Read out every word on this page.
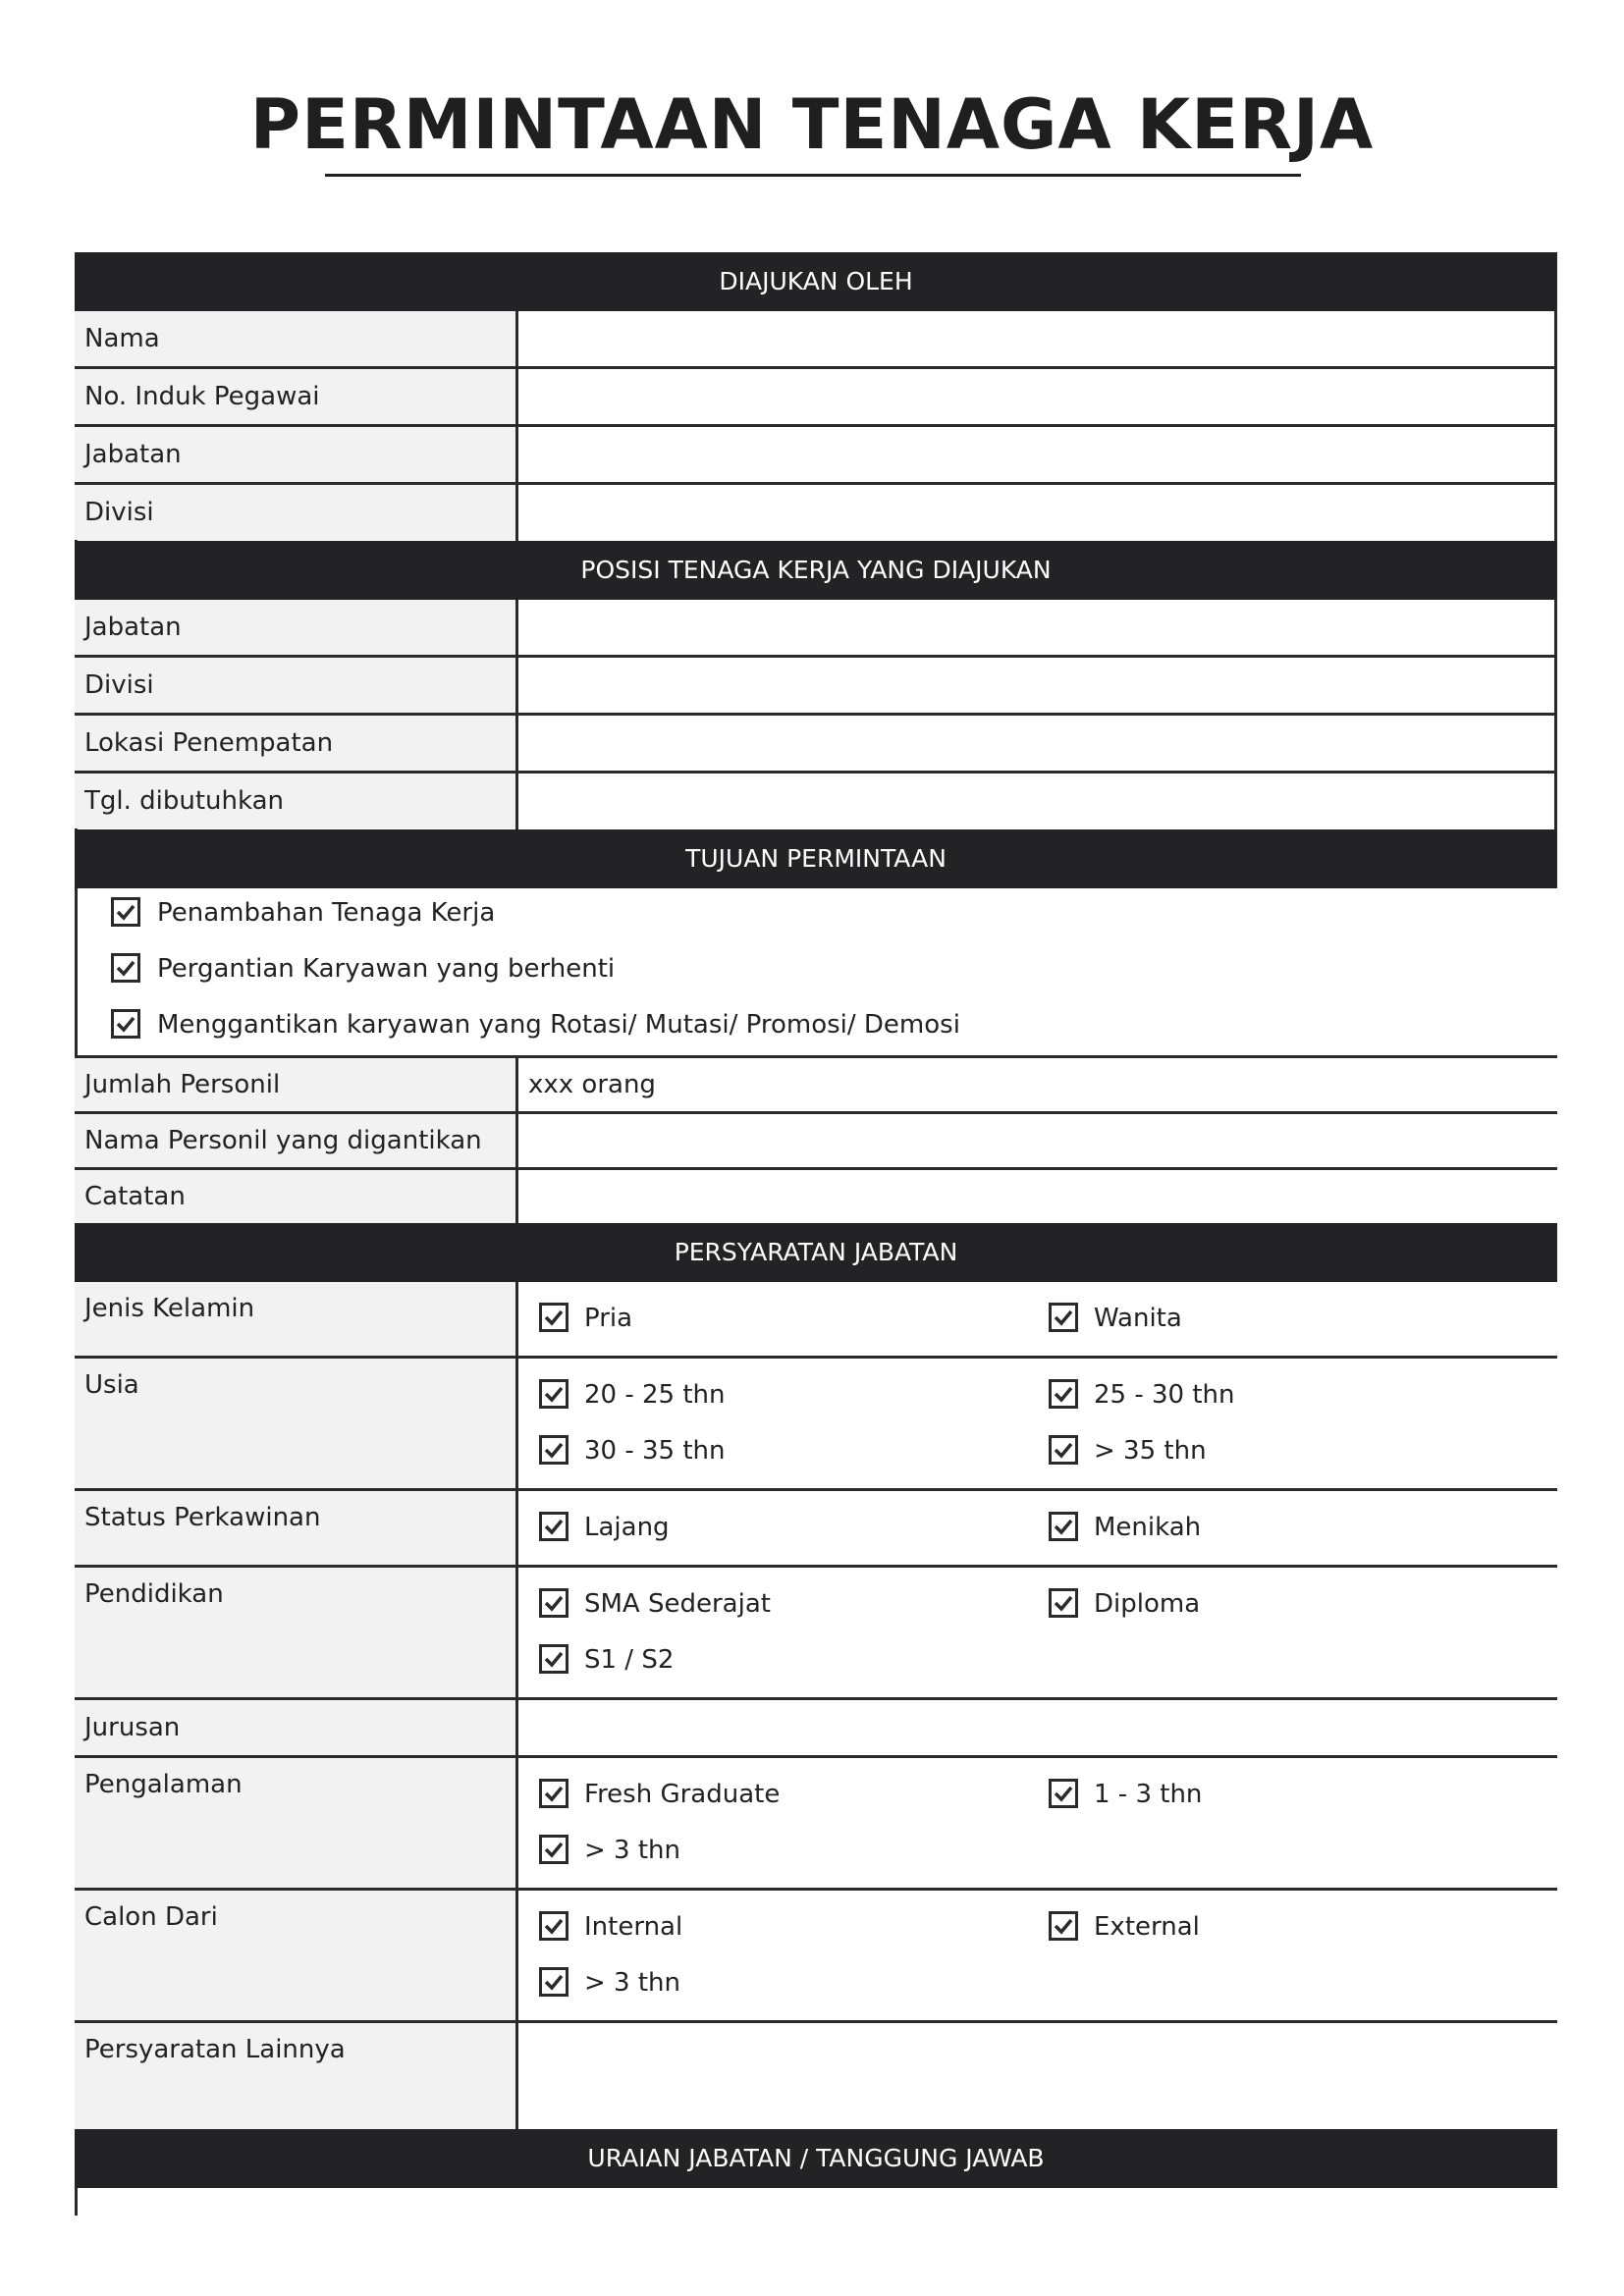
PERMINTAAN TENAGA KERJA
DIAJUKAN OLEH
Nama
No. Induk Pegawai
Jabatan
Divisi
POSISI TENAGA KERJA YANG DIAJUKAN
Jabatan
Divisi
Lokasi Penempatan
Tgl. dibutuhkan
TUJUAN PERMINTAAN
Penambahan Tenaga Kerja
Pergantian Karyawan yang berhenti
Menggantikan karyawan yang Rotasi/ Mutasi/ Promosi/ Demosi
Jumlah Personil	xxx orang
Nama Personil yang digantikan
Catatan
PERSYARATAN JABATAN
Jenis Kelamin	Pria	Wanita
Usia	20 - 25 thn	25 - 30 thn
30 - 35 thn	> 35 thn
Status Perkawinan	Lajang	Menikah
Pendidikan	SMA Sederajat	Diploma
S1 / S2
Jurusan
Pengalaman	Fresh Graduate	1 - 3 thn
> 3 thn
Calon Dari	Internal	External
> 3 thn
Persyaratan Lainnya
URAIAN JABATAN / TANGGUNG JAWAB
